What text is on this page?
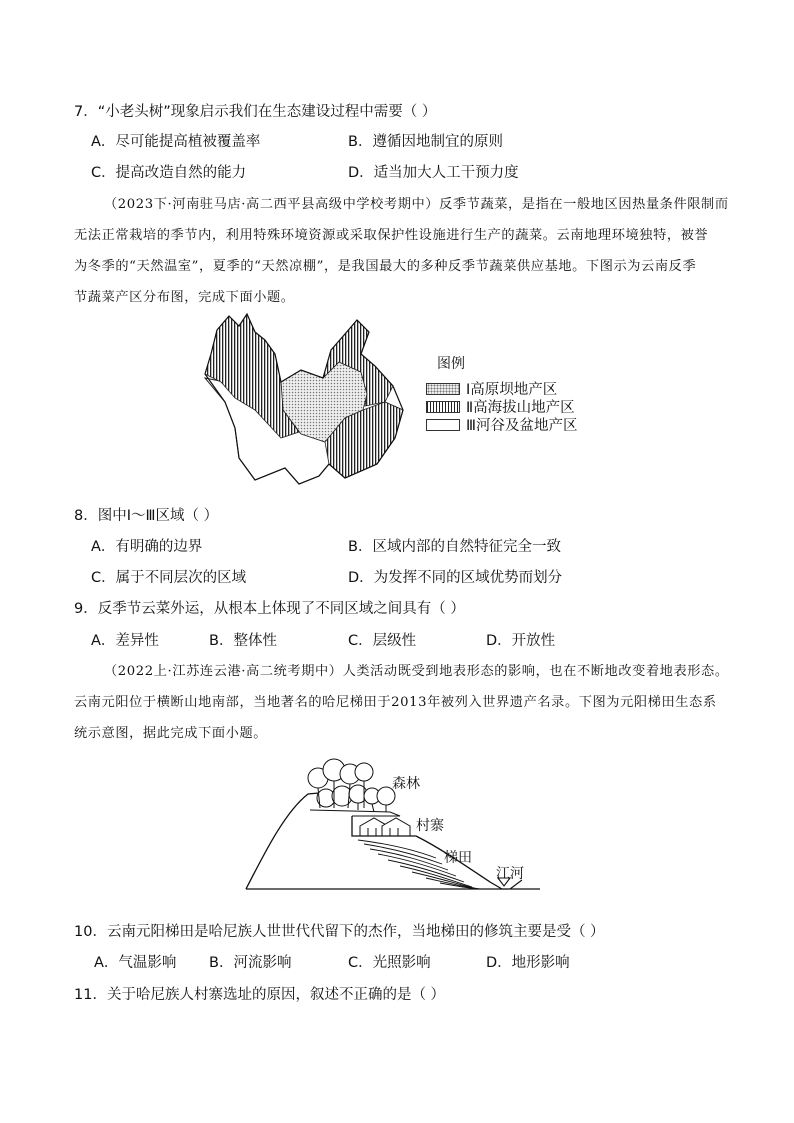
7．“小老头树”现象启示我们在生态建设过程中需要（ ）
A．尽可能提高植被覆盖率	B．遵循因地制宜的原则
C．提高改造自然的能力	D．适当加大人工干预力度
（2023下·河南驻马店·高二西平县高级中学校考期中）反季节蔬菜，是指在一般地区因热量条件限制而
无法正常栽培的季节内，利用特殊环境资源或采取保护性设施进行生产的蔬菜。云南地理环境独特，被誉
为冬季的“天然温室”，夏季的“天然凉棚”，是我国最大的多种反季节蔬菜供应基地。下图示为云南反季
节蔬菜产区分布图，完成下面小题。
图例
Ⅰ高原坝地产区
Ⅱ高海拔山地产区
Ⅲ河谷及盆地产区
8．图中Ⅰ～Ⅲ区域（ ）
A．有明确的边界	B．区域内部的自然特征完全一致
C．属于不同层次的区域	D．为发挥不同的区域优势而划分
9．反季节云菜外运，从根本上体现了不同区域之间具有（ ）
A．差异性	B．整体性	C．层级性	D．开放性
（2022上·江苏连云港·高二统考期中）人类活动既受到地表形态的影响，也在不断地改变着地表形态。
云南元阳位于横断山地南部，当地著名的哈尼梯田于2013年被列入世界遗产名录。下图为元阳梯田生态系
统示意图，据此完成下面小题。
森林
村寨
梯田
江河
10．云南元阳梯田是哈尼族人世世代代留下的杰作，当地梯田的修筑主要是受（ ）
A．气温影响 B．河流影响	C．光照影响	D．地形影响
11．关于哈尼族人村寨选址的原因，叙述不正确的是（ ）
